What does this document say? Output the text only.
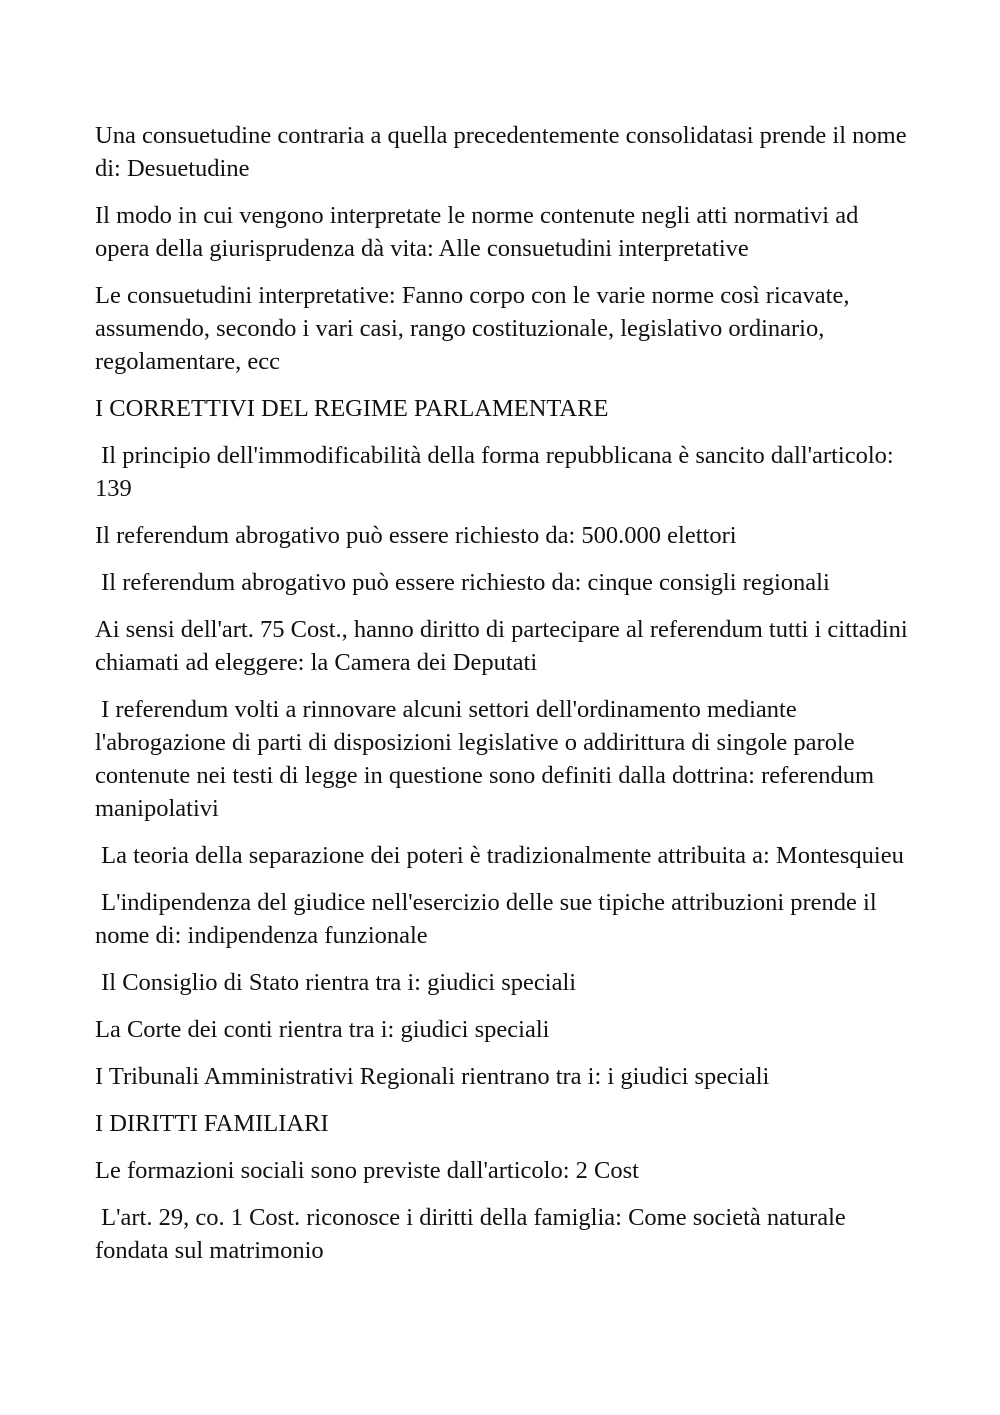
Una consuetudine contraria a quella precedentemente consolidatasi prende il nome di: Desuetudine

Il modo in cui vengono interpretate le norme contenute negli atti normativi ad opera della giurisprudenza dà vita: Alle consuetudini interpretative

Le consuetudini interpretative: Fanno corpo con le varie norme così ricavate, assumendo, secondo i vari casi, rango costituzionale, legislativo ordinario, regolamentare, ecc

I CORRETTIVI DEL REGIME PARLAMENTARE

Il principio dell'immodificabilità della forma repubblicana è sancito dall'articolo: 139

Il referendum abrogativo può essere richiesto da: 500.000 elettori

Il referendum abrogativo può essere richiesto da: cinque consigli regionali

Ai sensi dell'art. 75 Cost., hanno diritto di partecipare al referendum tutti i cittadini chiamati ad eleggere: la Camera dei Deputati

I referendum volti a rinnovare alcuni settori dell'ordinamento mediante l'abrogazione di parti di disposizioni legislative o addirittura di singole parole contenute nei testi di legge in questione sono definiti dalla dottrina: referendum manipolativi

La teoria della separazione dei poteri è tradizionalmente attribuita a: Montesquieu

L'indipendenza del giudice nell'esercizio delle sue tipiche attribuzioni prende il nome di: indipendenza funzionale

Il Consiglio di Stato rientra tra i: giudici speciali

La Corte dei conti rientra tra i: giudici speciali

I Tribunali Amministrativi Regionali rientrano tra i: i giudici speciali

I DIRITTI FAMILIARI

Le formazioni sociali sono previste dall'articolo: 2 Cost

L'art. 29, co. 1 Cost. riconosce i diritti della famiglia: Come società naturale fondata sul matrimonio
